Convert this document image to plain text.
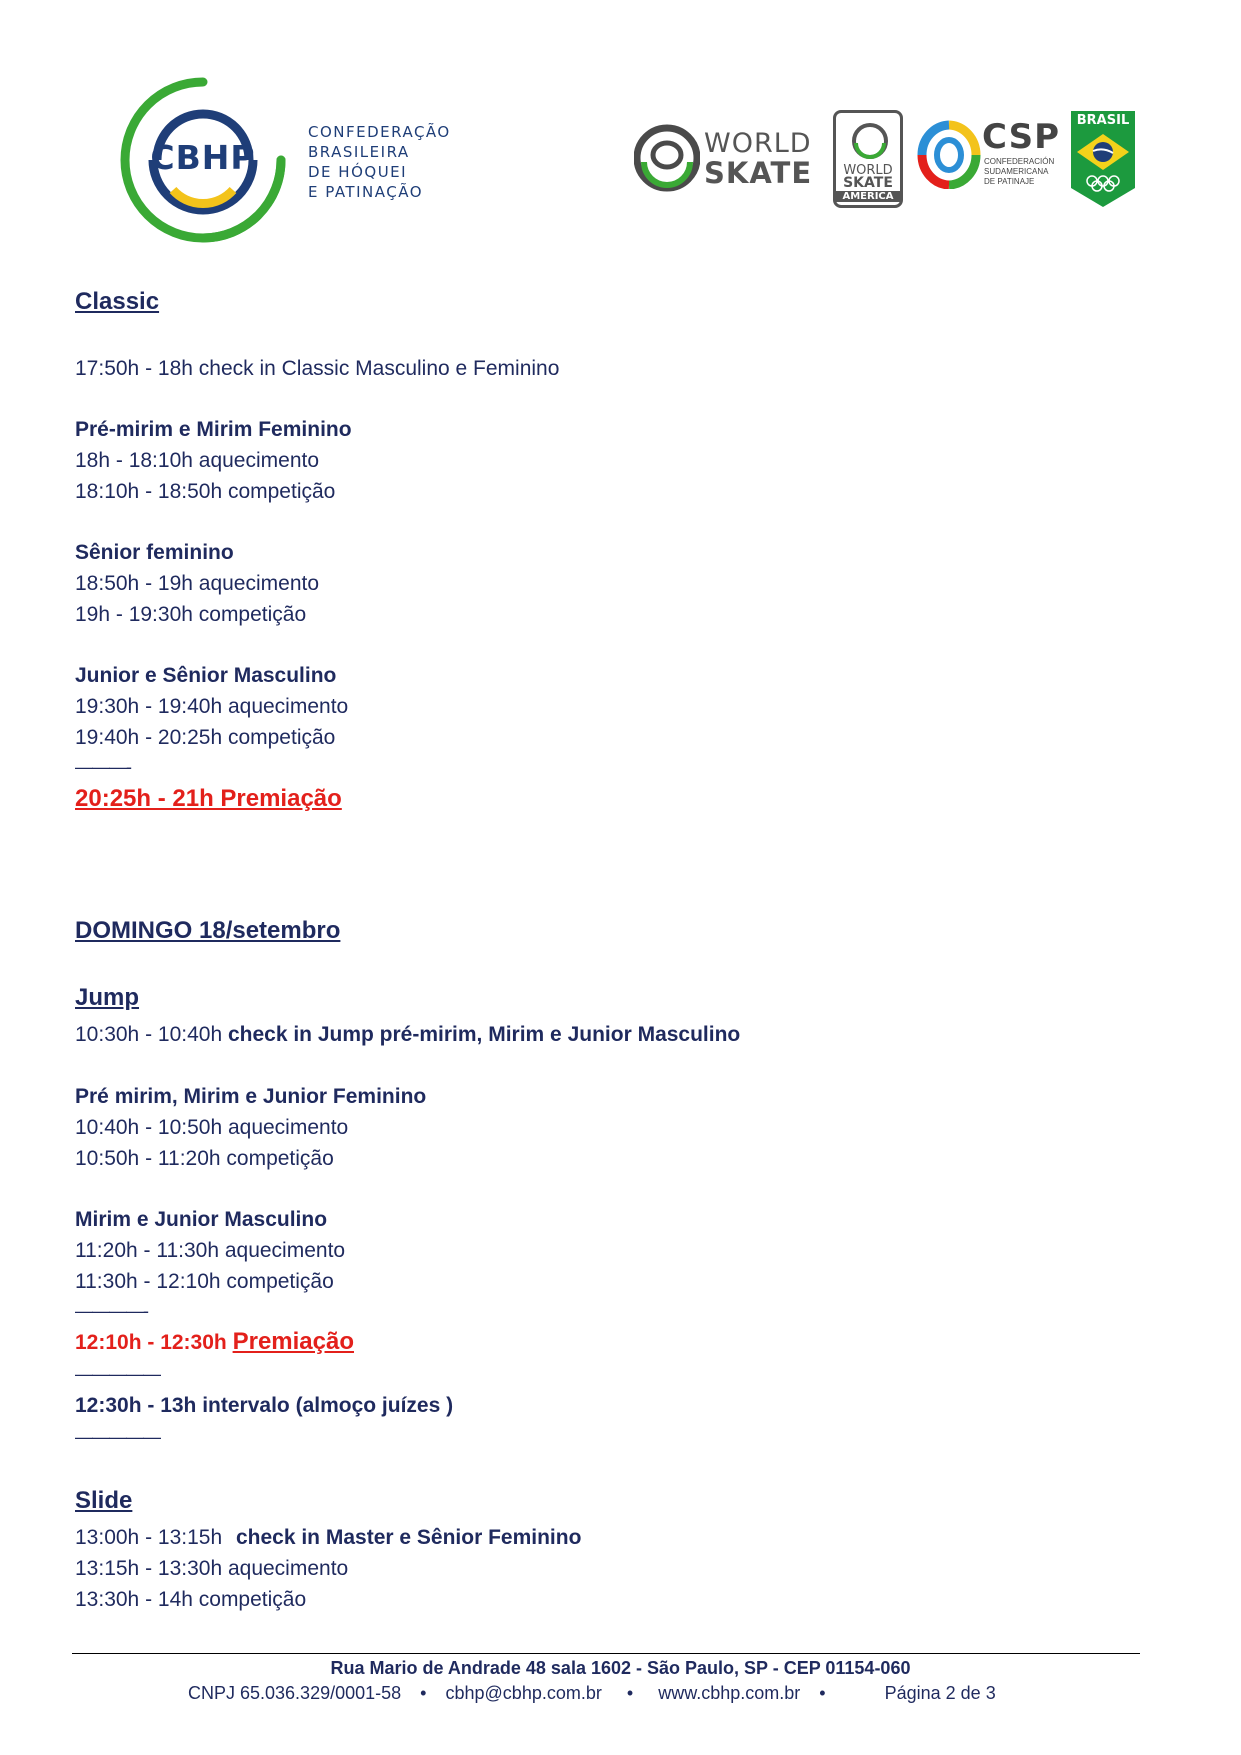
CBHP
CONFEDERAÇÃO
BRASILEIRA
DE HÓQUEI
E PATINAÇÃO
WORLD
SKATE	WORLD
SKATE
AMERICA
CSP
CONFEDERACIÓN
SUDAMERICANA
DE PATINAJE
BRASIL
Classic
17:50h - 18h check in Classic Masculino e Feminino
Pré-mirim e Mirim Feminino
18h - 18:10h aquecimento
18:10h - 18:50h competição
Sênior feminino
18:50h - 19h aquecimento
19h - 19:30h competição
Junior e Sênior Masculino
19:30h - 19:40h aquecimento
19:40h - 20:25h competição
———-
20:25h - 21h Premiação
DOMINGO 18/setembro
Jump
10:30h - 10:40h check in Jump pré-mirim, Mirim e Junior Masculino
Pré mirim, Mirim e Junior Feminino
10:40h - 10:50h aquecimento
10:50h - 11:20h competição
Mirim e Junior Masculino
11:20h - 11:30h aquecimento
11:30h - 12:10h competição
————-
12:10h - 12:30h Premiação
—————
12:30h - 13h intervalo (almoço juízes )
—————
Slide
13:00h - 13:15h check in Master e Sênior Feminino
13:15h - 13:30h aquecimento
13:30h - 14h competição
Rua Mario de Andrade 48 sala 1602 - São Paulo, SP - CEP 01154-060
CNPJ 65.036.329/0001-58 • cbhp@cbhp.com.br • www.cbhp.com.br •	Página 2 de 3
